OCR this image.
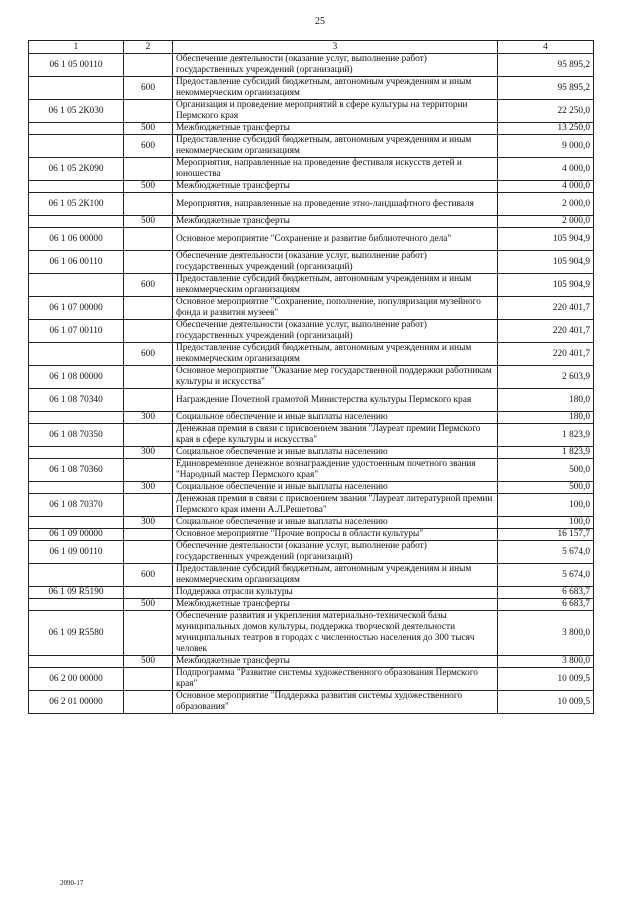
25
1	2	3	4
06 1 05 00110		Обеспечение деятельности (оказание услуг, выполнение работ) государственных учреждений (организаций)	95 895,2
	600	Предоставление субсидий бюджетным, автономным учреждениям и иным некоммерческим организациям	95 895,2
06 1 05 2К030		Организация и проведение мероприятий в сфере культуры на территории Пермского края	22 250,0
	500	Межбюджетные трансферты	13 250,0
	600	Предоставление субсидий бюджетным, автономным учреждениям и иным некоммерческим организациям	9 000,0
06 1 05 2К090		Мероприятия, направленные на проведение фестиваля искусств детей и юношества	4 000,0
	500	Межбюджетные трансферты	4 000,0
06 1 05 2К100		Мероприятия, направленные на проведение этно-ландшафтного фестиваля	2 000,0
	500	Межбюджетные трансферты	2 000,0
06 1 06 00000		Основное мероприятие "Сохранение и развитие библиотечного дела"	105 904,9
06 1 06 00110		Обеспечение деятельности (оказание услуг, выполнение работ) государственных учреждений (организаций)	105 904,9
	600	Предоставление субсидий бюджетным, автономным учреждениям и иным некоммерческим организациям	105 904,9
06 1 07 00000		Основное мероприятие "Сохранение, пополнение, популяризация музейного фонда и развития музеев"	220 401,7
06 1 07 00110		Обеспечение деятельности (оказание услуг, выполнение работ) государственных учреждений (организаций)	220 401,7
	600	Предоставление субсидий бюджетным, автономным учреждениям и иным некоммерческим организациям	220 401,7
06 1 08 00000		Основное мероприятие "Оказание мер государственной поддержки работникам культуры и искусства"	2 603,9
06 1 08 70340		Награждение Почетной грамотой Министерства культуры Пермского края	180,0
	300	Социальное обеспечение и иные выплаты населению	180,0
06 1 08 70350		Денежная премия в связи с присвоением звания "Лауреат премии Пермского края в сфере культуры и искусства"	1 823,9
	300	Социальное обеспечение и иные выплаты населению	1 823,9
06 1 08 70360		Единовременное денежное вознаграждение удостоенным почетного звания "Народный мастер Пермского края"	500,0
	300	Социальное обеспечение и иные выплаты населению	500,0
06 1 08 70370		Денежная премия в связи с присвоением звания "Лауреат литературной премии Пермского края имени А.Л.Решетова"	100,0
	300	Социальное обеспечение и иные выплаты населению	100,0
06 1 09 00000		Основное мероприятие "Прочие вопросы в области культуры"	16 157,7
06 1 09 00110		Обеспечение деятельности (оказание услуг, выполнение работ) государственных учреждений (организаций)	5 674,0
	600	Предоставление субсидий бюджетным, автономным учреждениям и иным некоммерческим организациям	5 674,0
06 1 09 R5190		Поддержка отрасли культуры	6 683,7
	500	Межбюджетные трансферты	6 683,7
06 1 09 R5580		Обеспечение развития и укрепления материально-технической базы муниципальных домов культуры, поддержка творческой деятельности муниципальных театров в городах с численностью населения до 300 тысяч человек	3 800,0
	500	Межбюджетные трансферты	3 800,0
06 2 00 00000		Подпрограмма "Развитие системы художественного образования Пермского края"	10 009,5
06 2 01 00000		Основное мероприятие "Поддержка развития системы художественного образования"	10 009,5
2090-17
